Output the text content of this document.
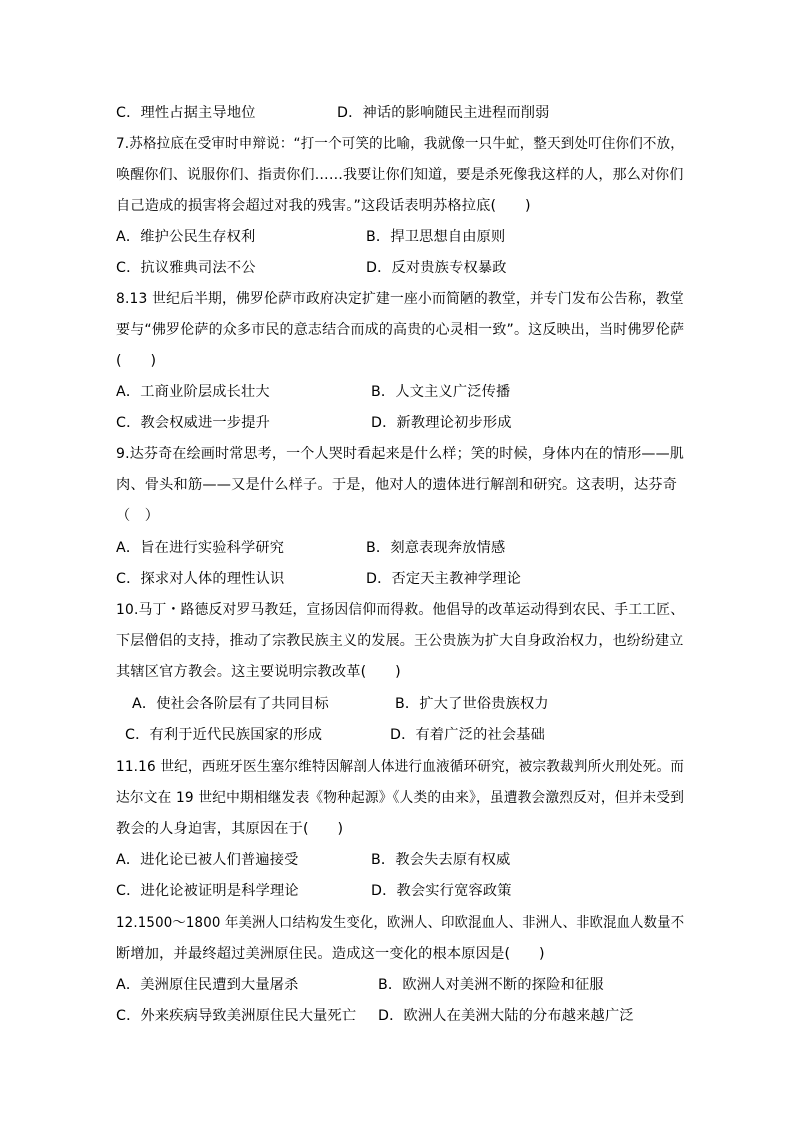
C．理性占据主导地位	D．神话的影响随民主进程而削弱
7.苏格拉底在受审时申辩说：“打一个可笑的比喻，我就像一只牛虻，整天到处叮住你们不放，
唤醒你们、说服你们、指责你们……我要让你们知道，要是杀死像我这样的人，那么对你们
自己造成的损害将会超过对我的残害。”这段话表明苏格拉底(　　)
A．维护公民生存权利	B．捍卫思想自由原则
C．抗议雅典司法不公	D．反对贵族专权暴政
8.13 世纪后半期，佛罗伦萨市政府决定扩建一座小而简陋的教堂，并专门发布公告称，教堂
要与“佛罗伦萨的众多市民的意志结合而成的高贵的心灵相一致”。这反映出，当时佛罗伦萨
(　　)
A．工商业阶层成长壮大	B．人文主义广泛传播
C．教会权威进一步提升	D．新教理论初步形成
9.达芬奇在绘画时常思考，一个人哭时看起来是什么样；笑的时候，身体内在的情形——肌
肉、骨头和筋——又是什么样子。于是，他对人的遗体进行解剖和研究。这表明，达芬奇
（　）
A．旨在进行实验科学研究	B．刻意表现奔放情感
C．探求对人体的理性认识	D．否定天主教神学理论
10.马丁・路德反对罗马教廷，宣扬因信仰而得救。他倡导的改革运动得到农民、手工工匠、
下层僧侣的支持，推动了宗教民族主义的发展。王公贵族为扩大自身政治权力，也纷纷建立
其辖区官方教会。这主要说明宗教改革(　　)
A．使社会各阶层有了共同目标	B．扩大了世俗贵族权力
C．有利于近代民族国家的形成	D．有着广泛的社会基础
11.16 世纪，西班牙医生塞尔维特因解剖人体进行血液循环研究，被宗教裁判所火刑处死。而
达尔文在 19 世纪中期相继发表《物种起源》《人类的由来》，虽遭教会激烈反对，但并未受到
教会的人身迫害，其原因在于(　　)
A．进化论已被人们普遍接受	B．教会失去原有权威
C．进化论被证明是科学理论	D．教会实行宽容政策
12.1500～1800 年美洲人口结构发生变化，欧洲人、印欧混血人、非洲人、非欧混血人数量不
断增加，并最终超过美洲原住民。造成这一变化的根本原因是(　　)
A．美洲原住民遭到大量屠杀	B．欧洲人对美洲不断的探险和征服
C．外来疾病导致美洲原住民大量死亡 D．欧洲人在美洲大陆的分布越来越广泛
